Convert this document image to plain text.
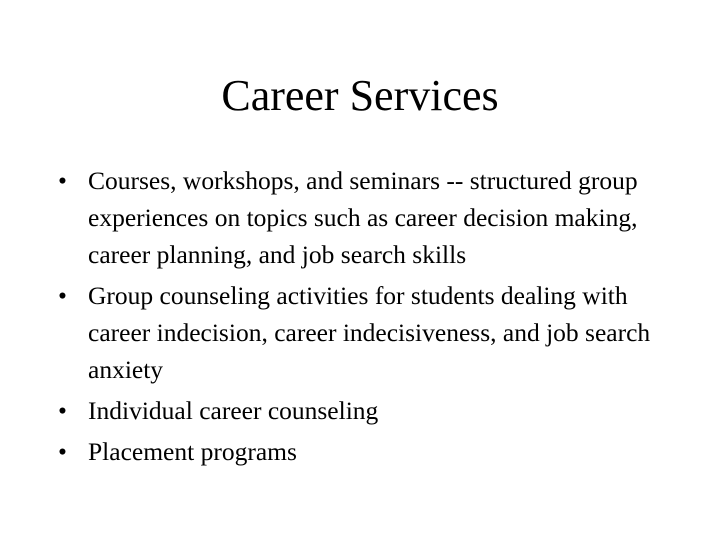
Career Services
• Courses, workshops, and seminars -- structured group experiences on topics such as career decision making, career planning, and job search skills
• Group counseling activities for students dealing with career indecision, career indecisiveness, and job search anxiety
• Individual career counseling
• Placement programs
